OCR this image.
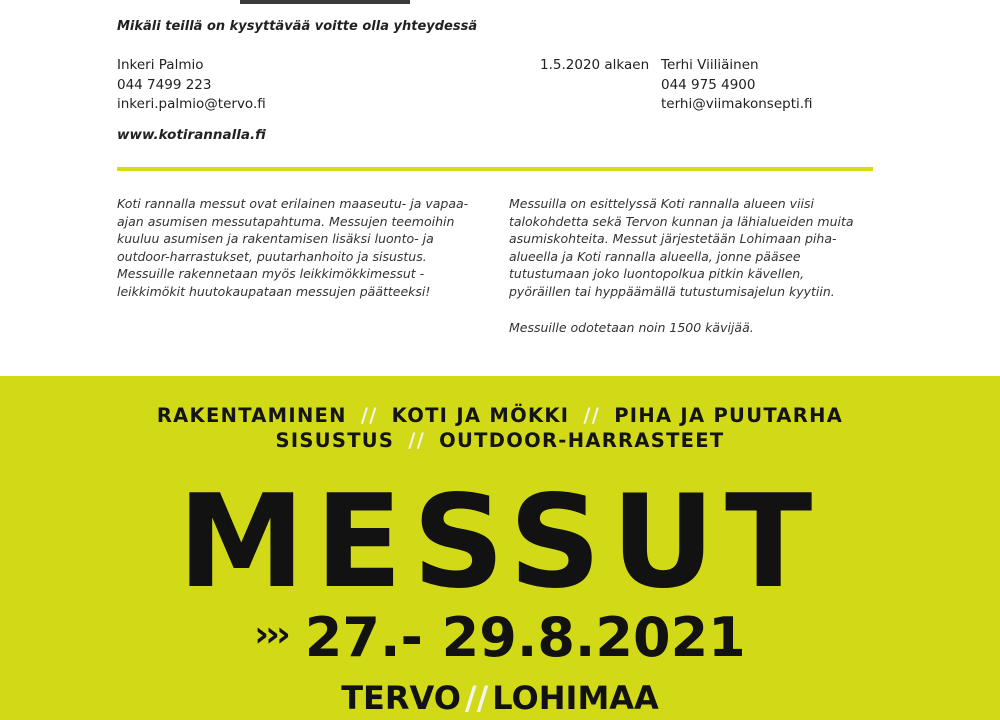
Mikäli teillä on kysyttävää voitte olla yhteydessä
Inkeri Palmio
044 7499 223
inkeri.palmio@tervo.fi
1.5.2020 alkaen Terhi Viiliäinen
044 975 4900
terhi@viimakonsepti.fi
www.kotirannalla.fi

Koti rannalla messut ovat erilainen maaseutu- ja vapaa-ajan asumisen messutapahtuma. Messujen teemoihin kuuluu asumisen ja rakentamisen lisäksi luonto- ja outdoor-harrastukset, puutarhanhoito ja sisustus. Messuille rakennetaan myös leikkimökkimessut - leikkimökit huutokaupataan messujen päätteeksi!

Messuilla on esittelyssä Koti rannalla alueen viisi talokohdetta sekä Tervon kunnan ja lähialueiden muita asumiskohteita. Messut järjestetään Lohimaan piha-alueella ja Koti rannalla alueella, jonne pääsee tutustumaan joko luontopolkua pitkin kävellen, pyöräillen tai hyppäämällä tutustumisajelun kyytiin.

Messuille odotetaan noin 1500 kävijää.

RAKENTAMINEN // KOTI JA MÖKKI // PIHA JA PUUTARHA
SISUSTUS // OUTDOOR-HARRASTEET
MESSUT
››› 27.- 29.8.2021
TERVO // LOHIMAA
